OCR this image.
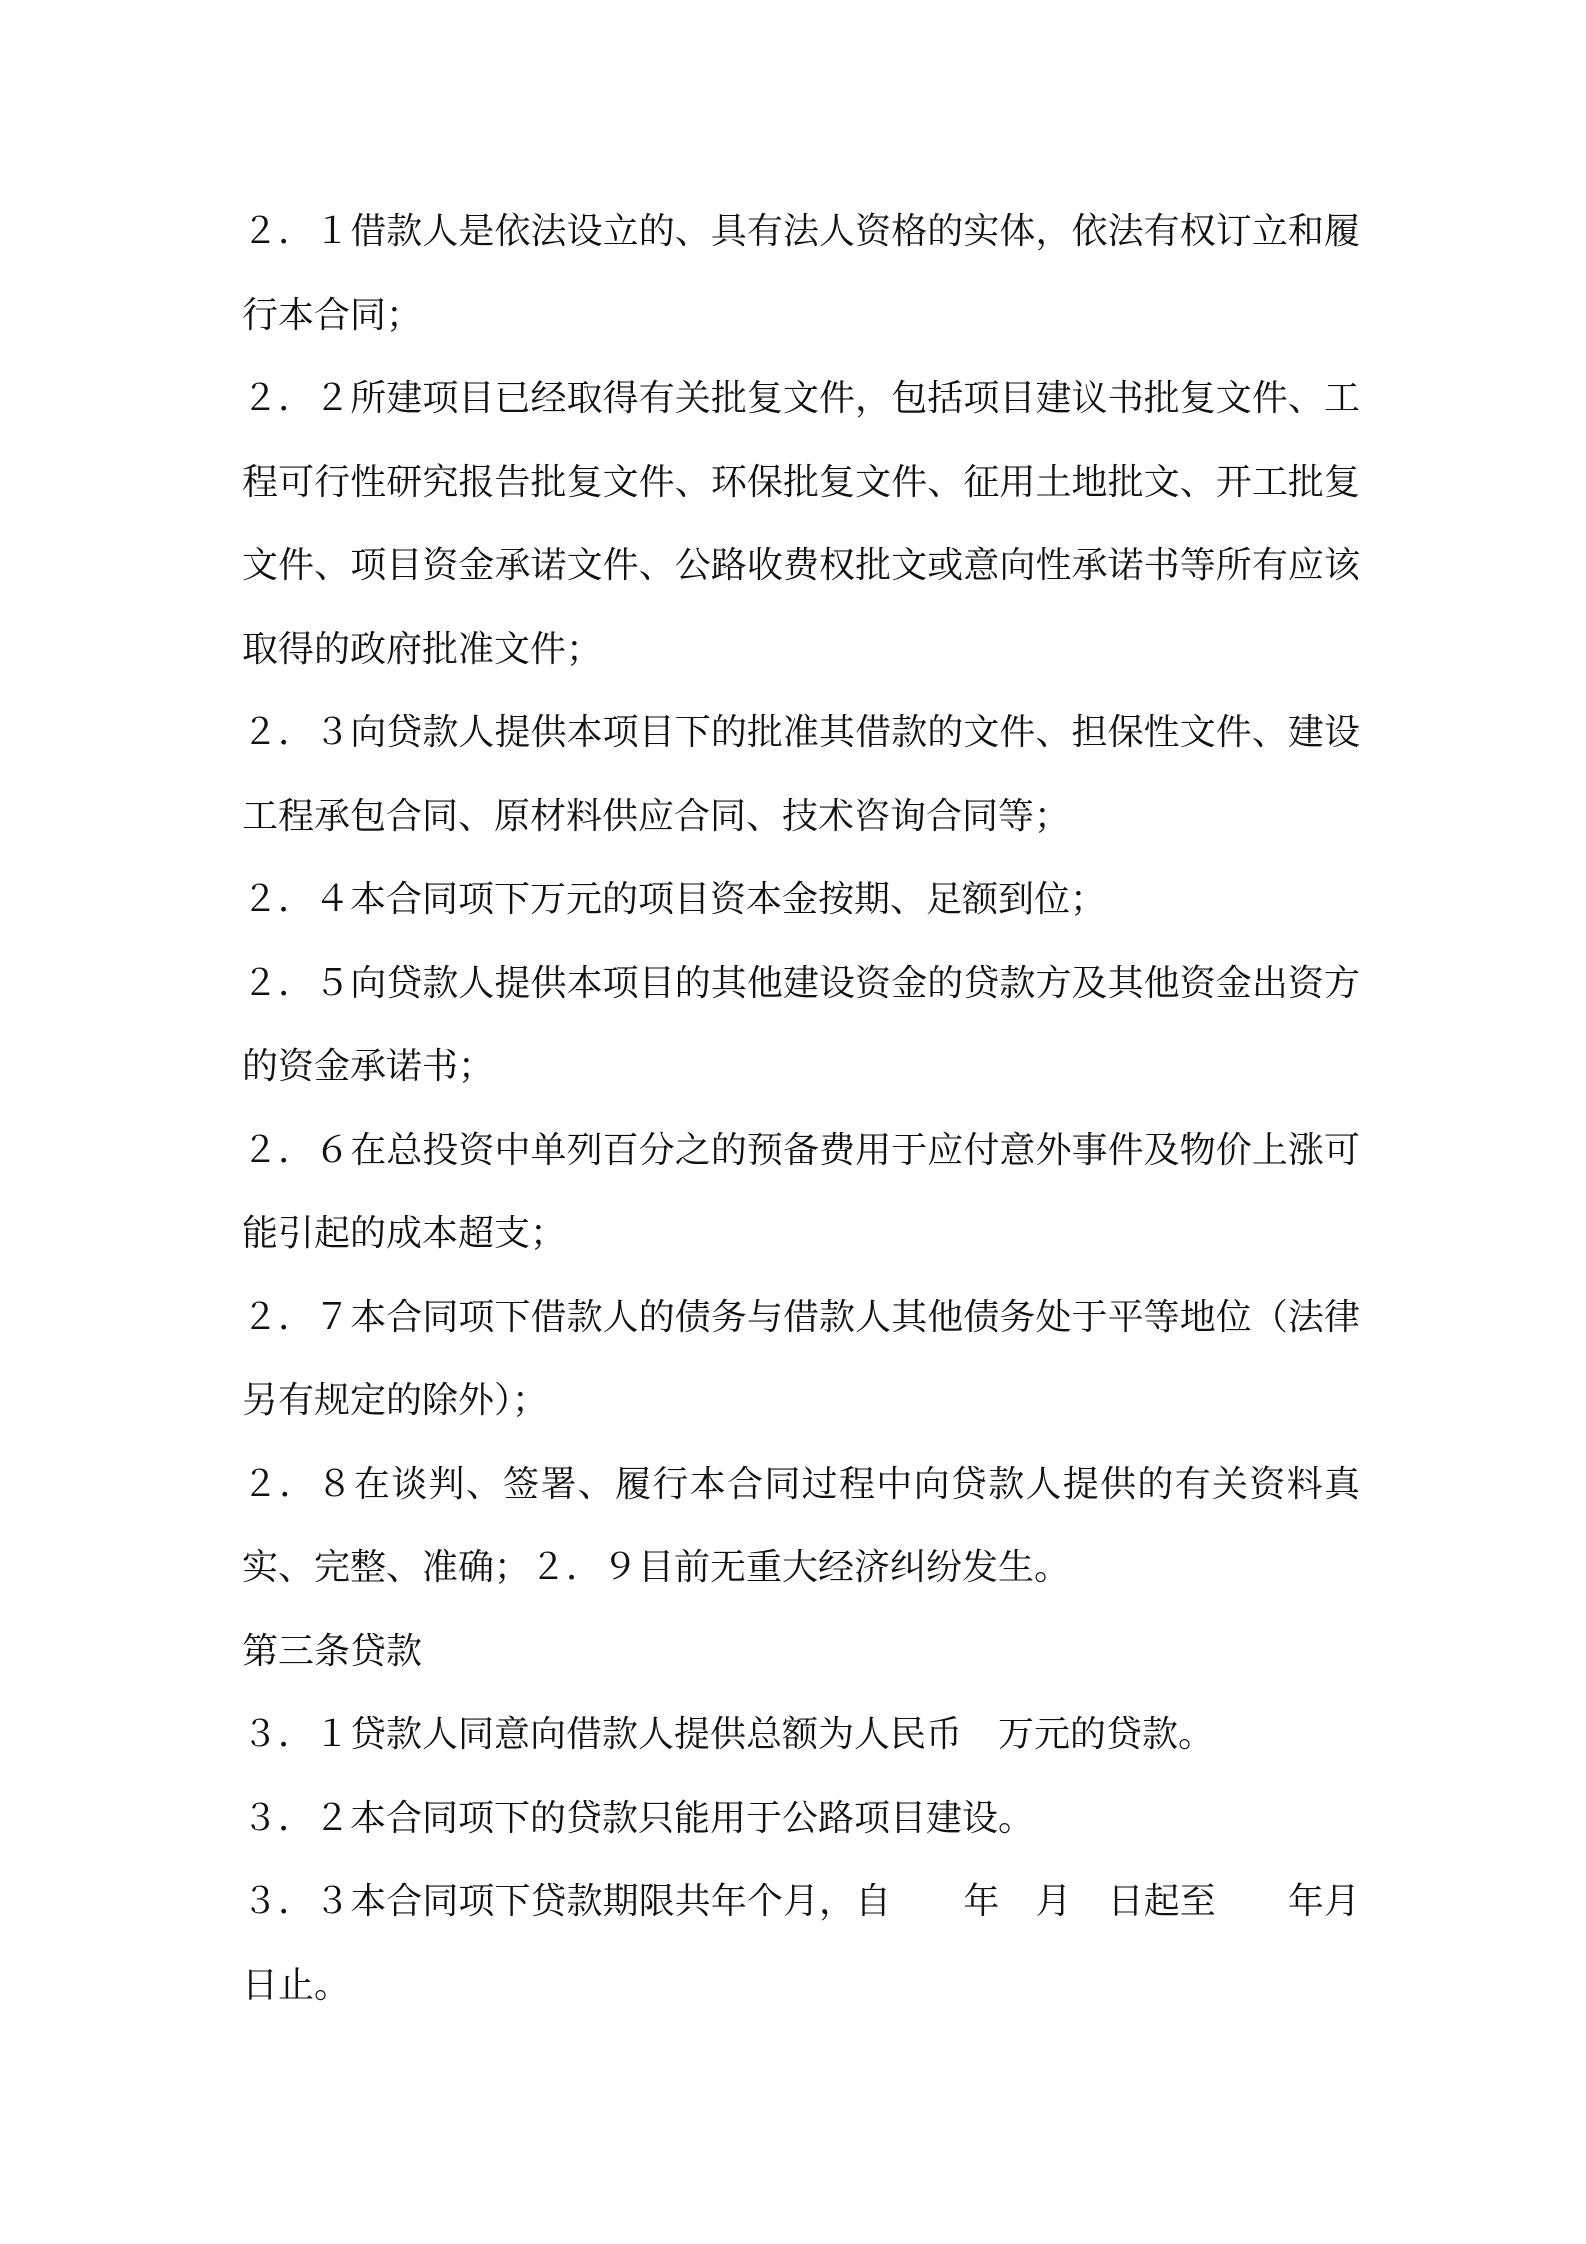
２．１借款人是依法设立的、具有法人资格的实体，依法有权订立和履行本合同；

２．２所建项目已经取得有关批复文件，包括项目建议书批复文件、工程可行性研究报告批复文件、环保批复文件、征用土地批文、开工批复文件、项目资金承诺文件、公路收费权批文或意向性承诺书等所有应该取得的政府批准文件；

２．３向贷款人提供本项目下的批准其借款的文件、担保性文件、建设工程承包合同、原材料供应合同、技术咨询合同等；

２．４本合同项下万元的项目资本金按期、足额到位；

２．５向贷款人提供本项目的其他建设资金的贷款方及其他资金出资方的资金承诺书；

２．６在总投资中单列百分之的预备费用于应付意外事件及物价上涨可能引起的成本超支；

２．７本合同项下借款人的债务与借款人其他债务处于平等地位（法律另有规定的除外）；

２．８在谈判、签署、履行本合同过程中向贷款人提供的有关资料真实、完整、准确；２．９目前无重大经济纠纷发生。

第三条贷款

３．１贷款人同意向借款人提供总额为人民币　万元的贷款。

３．２本合同项下的贷款只能用于公路项目建设。

３．３本合同项下贷款期限共年个月，自　　年　月　日起至　　年月　日止。
